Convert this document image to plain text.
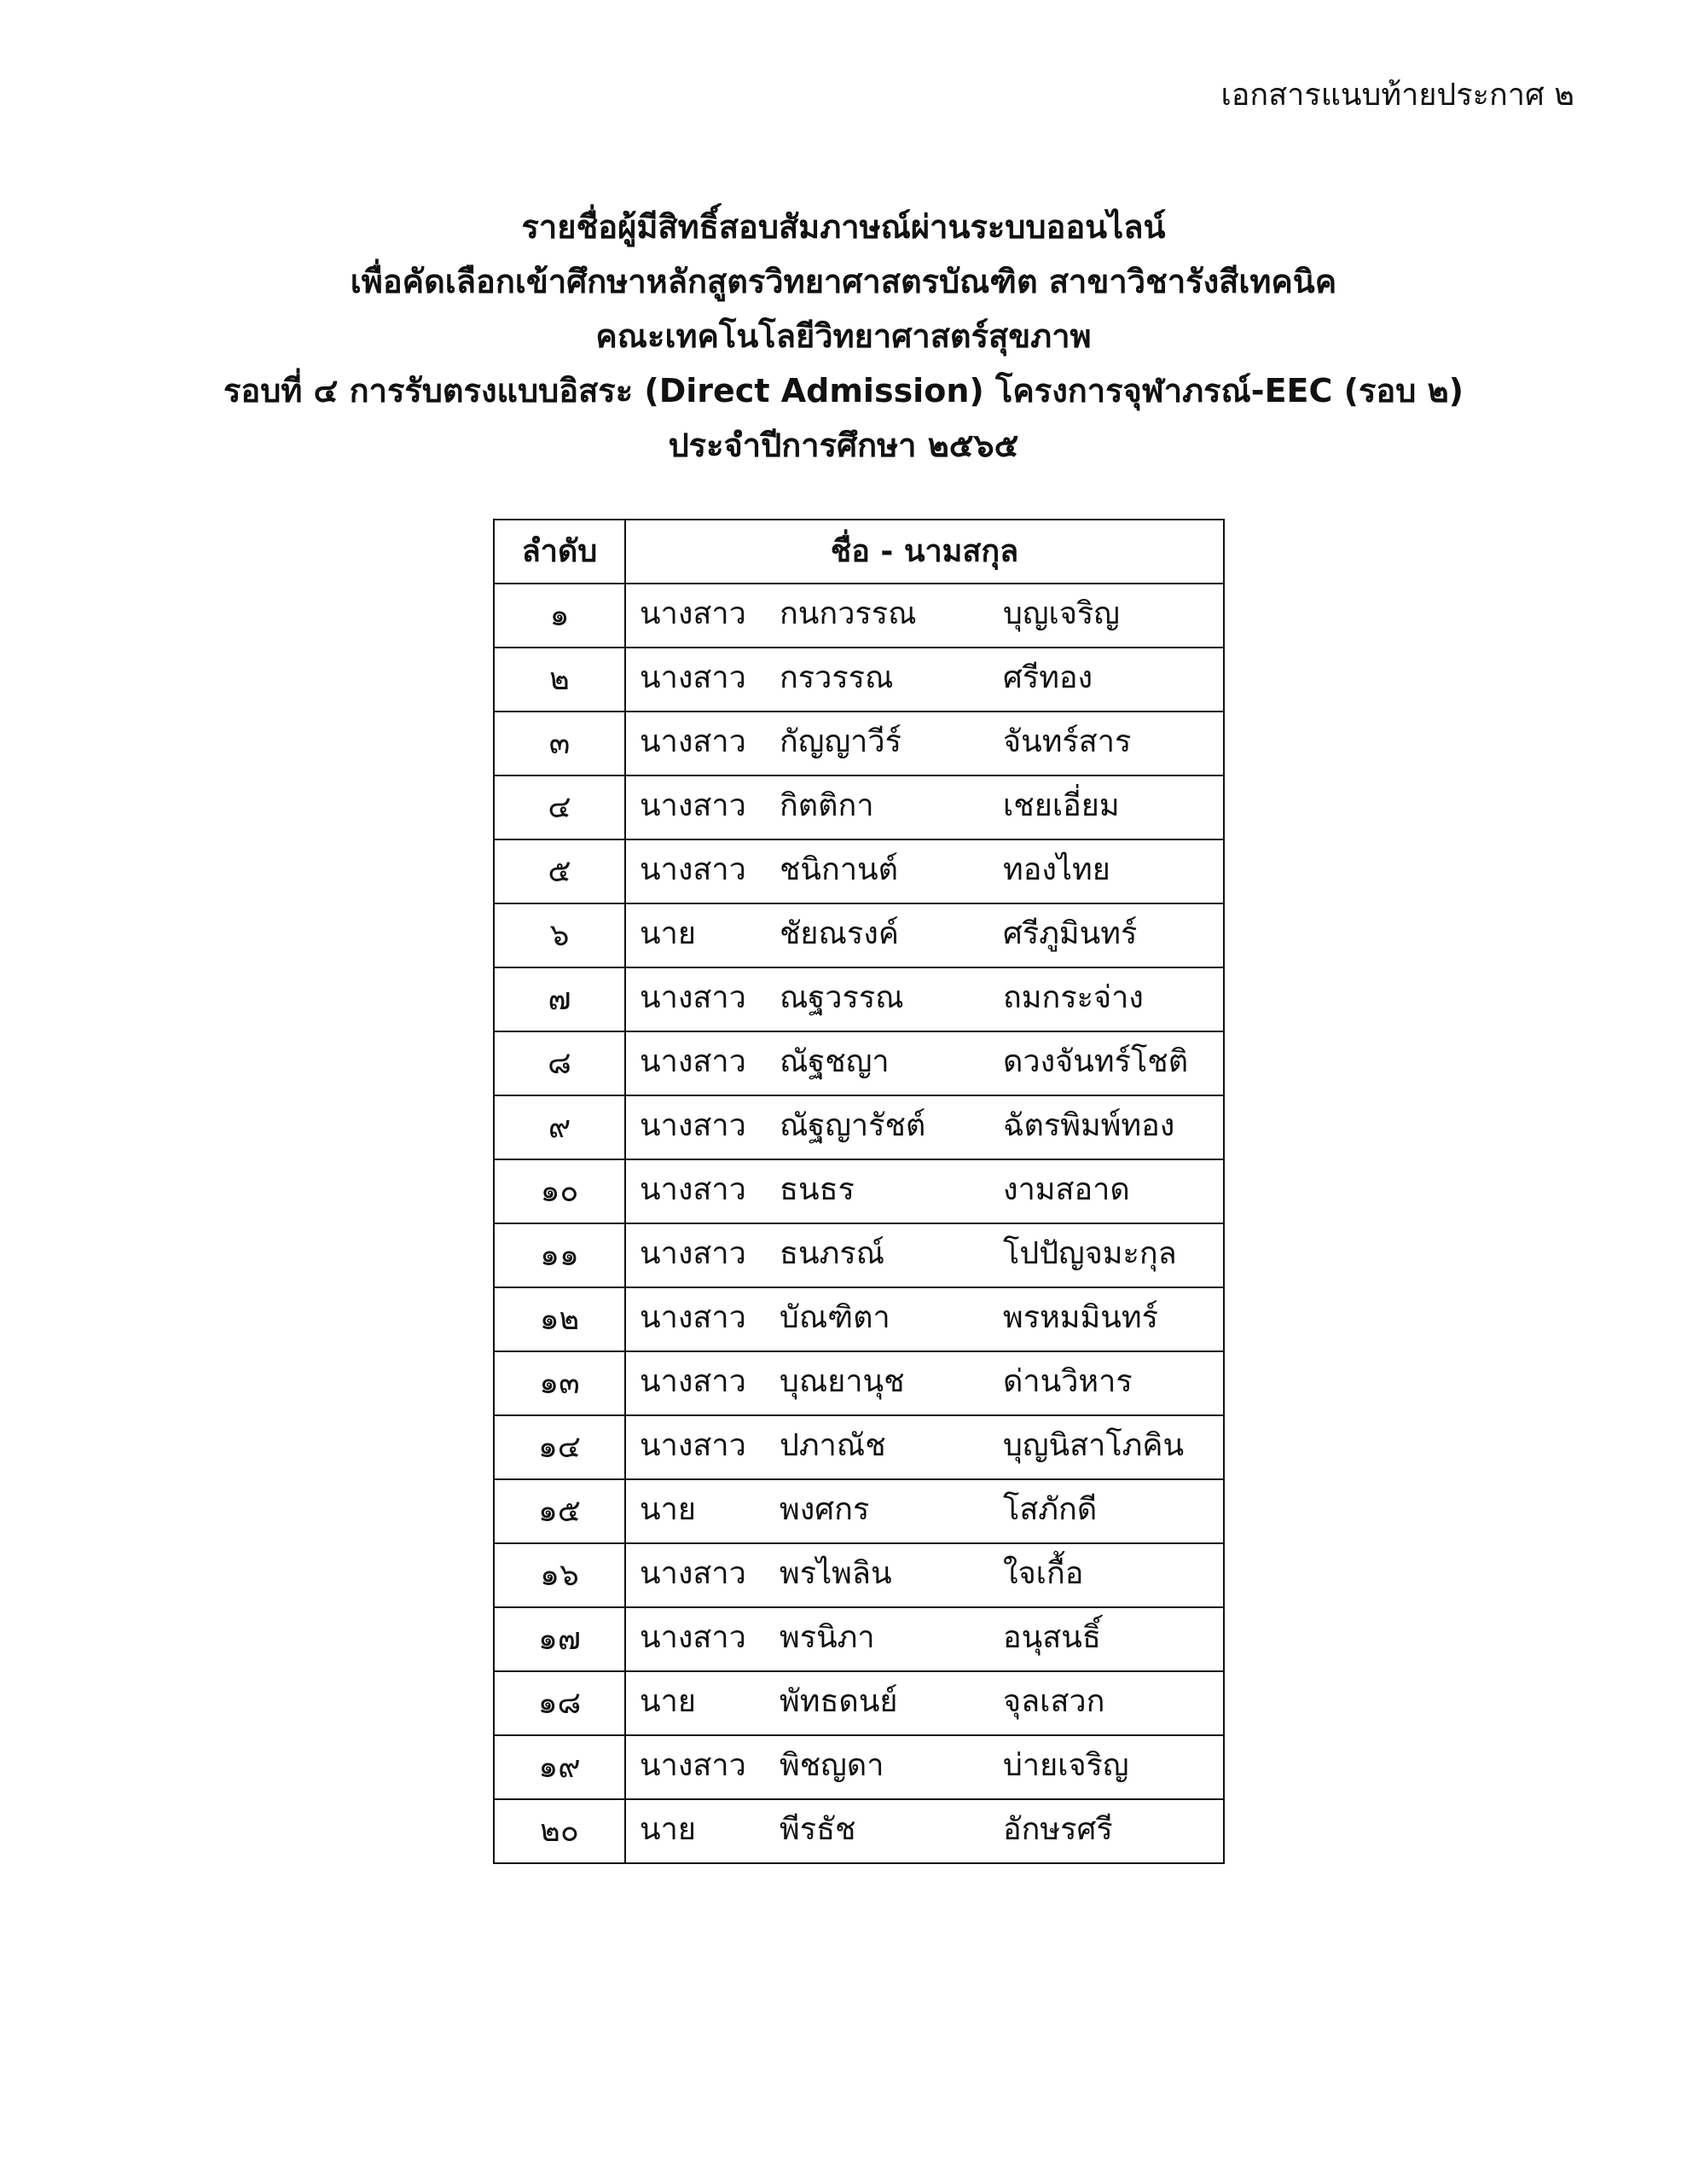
เอกสารแนบท้ายประกาศ ๒
รายชื่อผู้มีสิทธิ์สอบสัมภาษณ์ผ่านระบบออนไลน์
เพื่อคัดเลือกเข้าศึกษาหลักสูตรวิทยาศาสตรบัณฑิต สาขาวิชารังสีเทคนิค
คณะเทคโนโลยีวิทยาศาสตร์สุขภาพ
รอบที่ ๔ การรับตรงแบบอิสระ (Direct Admission) โครงการจุฬาภรณ์-EEC (รอบ ๒)
ประจำปีการศึกษา ๒๕๖๕
ลำดับ	ชื่อ - นามสกุล
๑	นางสาว กนกวรรณ บุญเจริญ

๒	นางสาว กรวรรณ ศรีทอง

๓	นางสาว กัญญาวีร์ จันทร์สาร

๔	นางสาว กิตติกา เชยเอี่ยม

๕	นางสาว ชนิกานต์ ทองไทย

๖	นาย ชัยณรงค์ ศรีภูมินทร์

๗	นางสาว ณฐวรรณ ถมกระจ่าง

๘	นางสาว ณัฐชญา ดวงจันทร์โชติ

๙	นางสาว ณัฐญารัชต์ ฉัตรพิมพ์ทอง

๑๐	นางสาว ธนธร งามสอาด

๑๑	นางสาว ธนภรณ์ โปปัญจมะกุล

๑๒	นางสาว บัณฑิตา พรหมมินทร์

๑๓	นางสาว บุณยานุช ด่านวิหาร

๑๔	นางสาว ปภาณัช บุญนิสาโภคิน

๑๕	นาย พงศกร โสภักดี

๑๖	นางสาว พรไพลิน ใจเกื้อ

๑๗	นางสาว พรนิภา อนุสนธิ์

๑๘	นาย พัทธดนย์ จุลเสวก

๑๙	นางสาว พิชญดา บ่ายเจริญ

๒๐	นาย พีรธัช อักษรศรี
